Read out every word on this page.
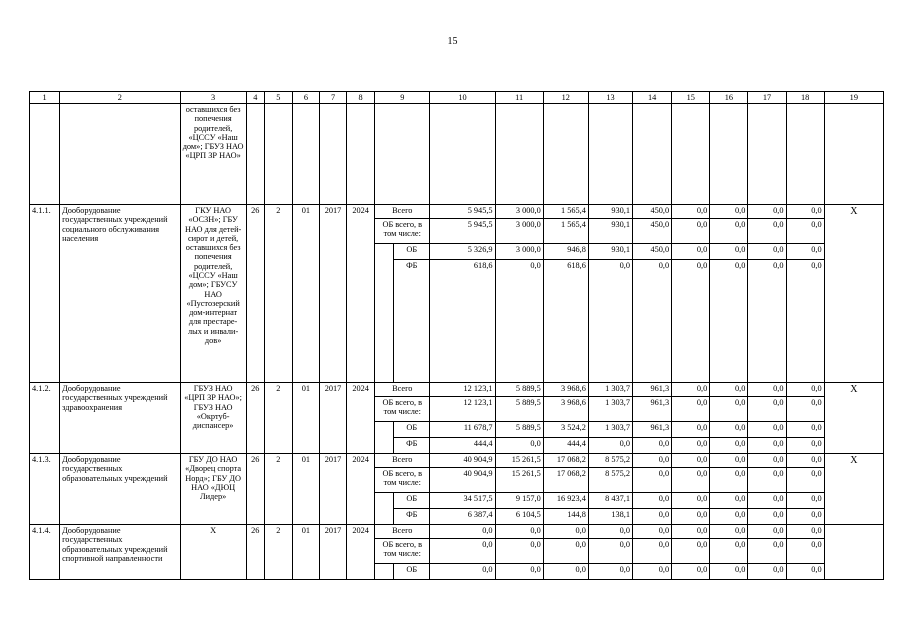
15
1	2	3	4	5	6	7	8	9		10	11	12	13	14	15	16	17	18	19
		оставшихся без попечения родителей, «ЦССУ «Наш дом»; ГБУЗ НАО «ЦРП ЗР НАО»																	
4.1.1.	Дооборудование государственных учреждений социального обслуживания населения	ГКУ НАО «ОСЗН»; ГБУ НАО для детей-сирот и детей, оставшихся без попечения родителей, «ЦССУ «Наш дом»; ГБУСУ НАО «Пустозерский дом-интернат для престаре-лых и инвали-дов»	26	2	01	2017	2024	Всего		5 945,5	3 000,0	1 565,4	930,1	450,0	0,0	0,0	0,0	0,0	X
								ОБ всего, в том числе:		5 945,5	3 000,0	1 565,4	930,1	450,0	0,0	0,0	0,0	0,0	
									ОБ	5 326,9	3 000,0	946,8	930,1	450,0	0,0	0,0	0,0	0,0	
									ФБ	618,6	0,0	618,6	0,0	0,0	0,0	0,0	0,0	0,0	
4.1.2.	Дооборудование государственных учреждений здравоохранения	ГБУЗ НАО «ЦРП ЗР НАО»; ГБУЗ НАО «Окртуб-диспансер»	26	2	01	2017	2024	Всего		12 123,1	5 889,5	3 968,6	1 303,7	961,3	0,0	0,0	0,0	0,0	X
								ОБ всего, в том числе:		12 123,1	5 889,5	3 968,6	1 303,7	961,3	0,0	0,0	0,0	0,0	
									ОБ	11 678,7	5 889,5	3 524,2	1 303,7	961,3	0,0	0,0	0,0	0,0	
									ФБ	444,4	0,0	444,4	0,0	0,0	0,0	0,0	0,0	0,0	
4.1.3.	Дооборудование государственных образовательных учреждений	ГБУ ДО НАО «Дворец спорта Норд»; ГБУ ДО НАО «ДЮЦ Лидер»	26	2	01	2017	2024	Всего		40 904,9	15 261,5	17 068,2	8 575,2	0,0	0,0	0,0	0,0	0,0	X
								ОБ всего, в том числе:		40 904,9	15 261,5	17 068,2	8 575,2	0,0	0,0	0,0	0,0	0,0	
									ОБ	34 517,5	9 157,0	16 923,4	8 437,1	0,0	0,0	0,0	0,0	0,0	
									ФБ	6 387,4	6 104,5	144,8	138,1	0,0	0,0	0,0	0,0	0,0	
4.1.4.	Дооборудование государственных образовательных учреждений спортивной направленности	X	26	2	01	2017	2024	Всего		0,0	0,0	0,0	0,0	0,0	0,0	0,0	0,0	0,0	
								ОБ всего, в том числе:		0,0	0,0	0,0	0,0	0,0	0,0	0,0	0,0	0,0	
									ОБ	0,0	0,0	0,0	0,0	0,0	0,0	0,0	0,0	0,0	
